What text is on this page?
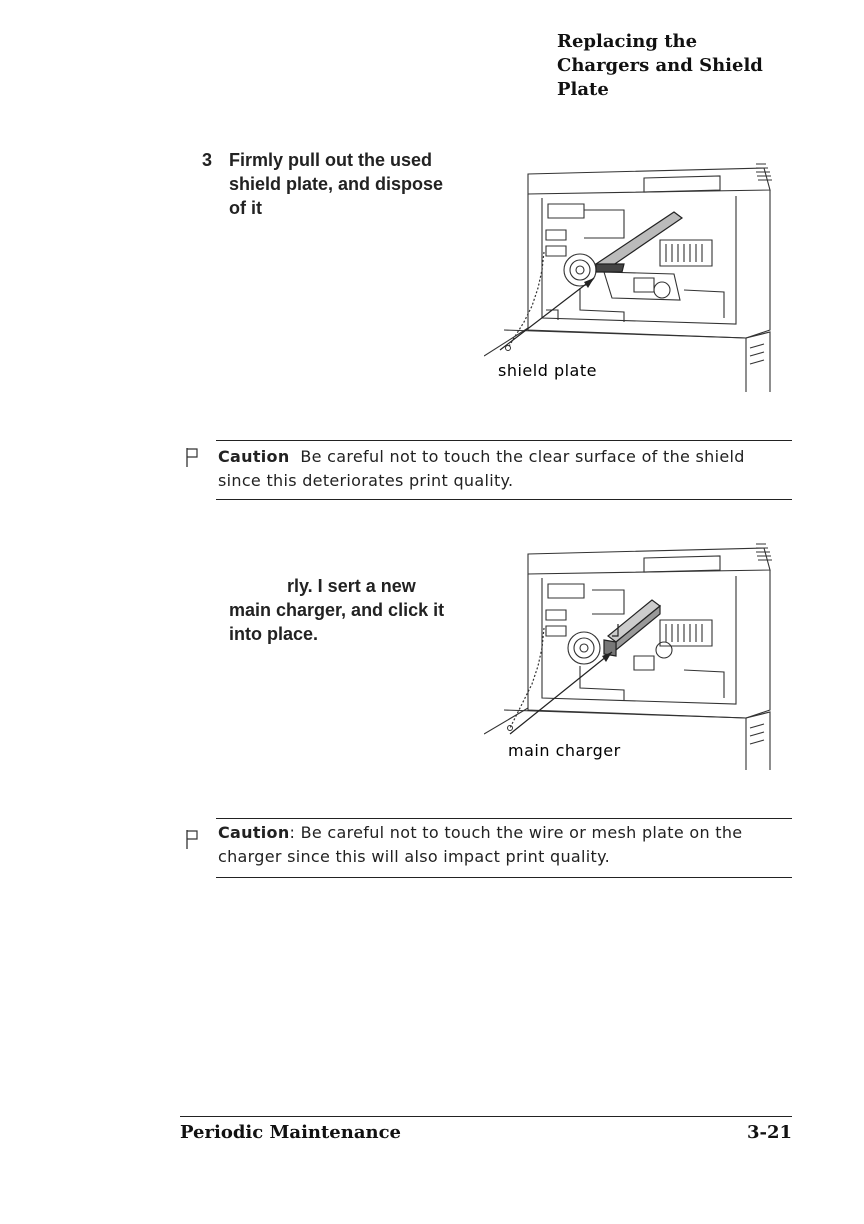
Replacing the
Chargers and Shield
Plate
3 Firmly pull out the used
shield plate, and dispose
of it
shield plate
Caution Be careful not to touch the clear surface of the shield
since this deteriorates print quality.
rly. I sert a new
main charger, and click it
into place.
main charger
Caution: Be careful not to touch the wire or mesh plate on the
charger since this will also impact print quality.
Periodic Maintenance	3-21
